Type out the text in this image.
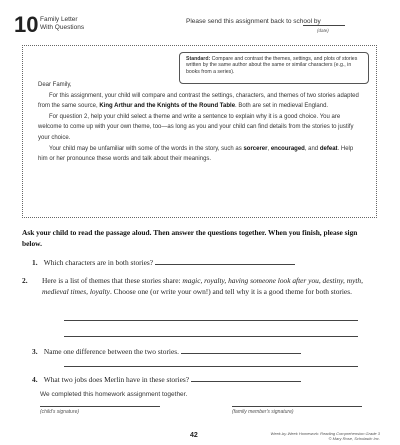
10 Family Letter
With Questions
Please send this assignment back to school by
(date)
Standard: Compare and contrast the themes, settings, and plots of stories written by the same author about the same or similar characters (e.g., in books from a series).

Dear Family,

For this assignment, your child will compare and contrast the settings, characters, and themes of two stories adapted from the same source, King Arthur and the Knights of the Round Table. Both are set in medieval England.

For question 2, help your child select a theme and write a sentence to explain why it is a good choice. You are welcome to come up with your own theme, too—as long as you and your child can find details from the stories to justify your choice.

Your child may be unfamiliar with some of the words in the story, such as sorcerer, encouraged, and defeat. Help him or her pronounce these words and talk about their meanings.

Ask your child to read the passage aloud. Then answer the questions together. When you finish, please sign below.
1. Which characters are in both stories?
2. Here is a list of themes that these stories share: magic, royalty, having someone look after you, destiny, myth, medieval times, loyalty. Choose one (or write your own!) and tell why it is a good theme for both stories.
3. Name one difference between the two stories.
4. What two jobs does Merlin have in these stories?
We completed this homework assignment together.
(child's signature)	(family member's signature)
42	Week-by-Week Homework: Reading Comprehension Grade 3
© Mary Rose, Scholastic Inc.
